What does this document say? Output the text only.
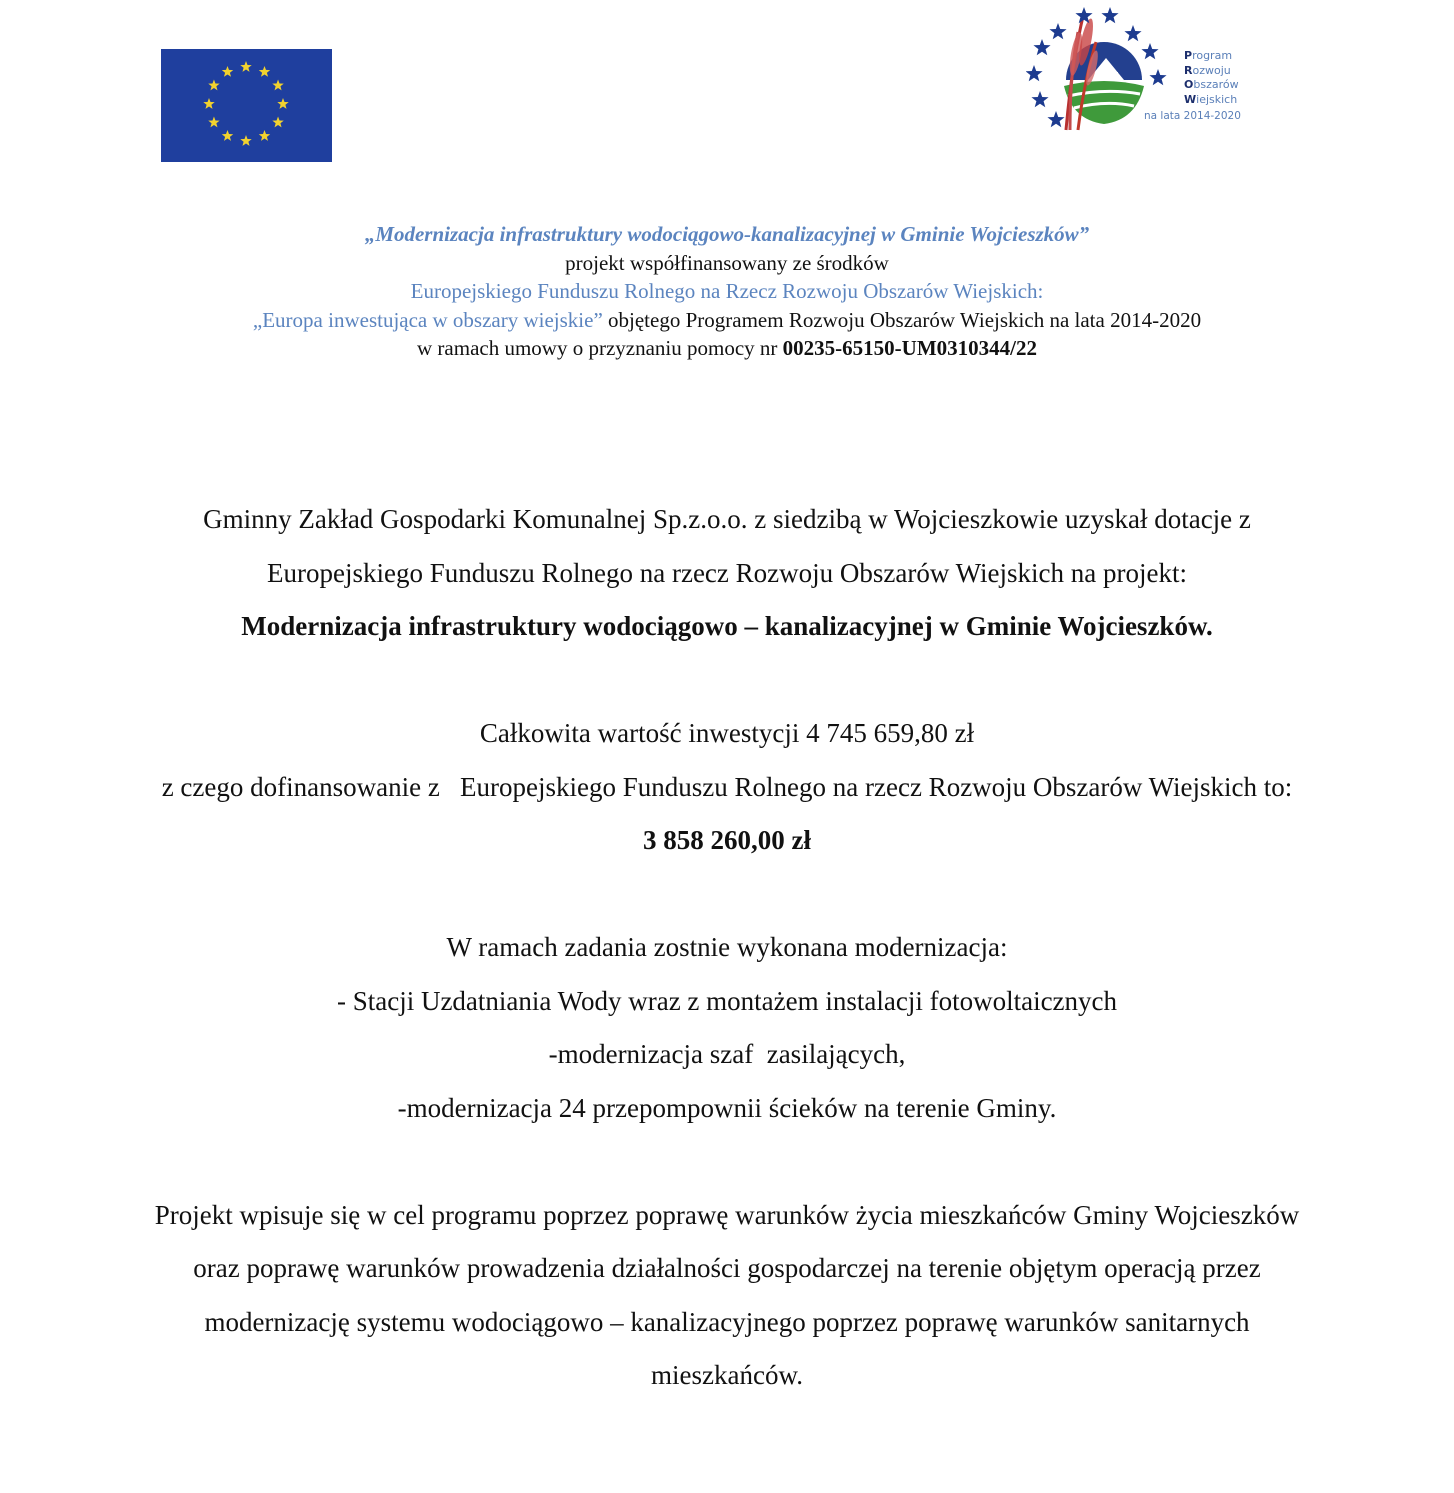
Program
Rozwoju
Obszarów
Wiejskich
na lata 2014-2020
„Modernizacja infrastruktury wodociągowo-kanalizacyjnej w Gminie Wojcieszków”
projekt współfinansowany ze środków
Europejskiego Funduszu Rolnego na Rzecz Rozwoju Obszarów Wiejskich:
„Europa inwestująca w obszary wiejskie” objętego Programem Rozwoju Obszarów Wiejskich na lata 2014-2020
w ramach umowy o przyznaniu pomocy nr 00235-65150-UM0310344/22

Gminny Zakład Gospodarki Komunalnej Sp.z.o.o. z siedzibą w Wojcieszkowie uzyskał dotacje z

Europejskiego Funduszu Rolnego na rzecz Rozwoju Obszarów Wiejskich na projekt:

Modernizacja infrastruktury wodociągowo – kanalizacyjnej w Gminie Wojcieszków.

Całkowita wartość inwestycji 4 745 659,80 zł

z czego dofinansowanie z   Europejskiego Funduszu Rolnego na rzecz Rozwoju Obszarów Wiejskich to:

3 858 260,00 zł

W ramach zadania zostnie wykonana modernizacja:

- Stacji Uzdatniania Wody wraz z montażem instalacji fotowoltaicznych

-modernizacja szaf  zasilających,

-modernizacja 24 przepompownii ścieków na terenie Gminy.

Projekt wpisuje się w cel programu poprzez poprawę warunków życia mieszkańców Gminy Wojcieszków

oraz poprawę warunków prowadzenia działalności gospodarczej na terenie objętym operacją przez

modernizację systemu wodociągowo – kanalizacyjnego poprzez poprawę warunków sanitarnych

mieszkańców.
